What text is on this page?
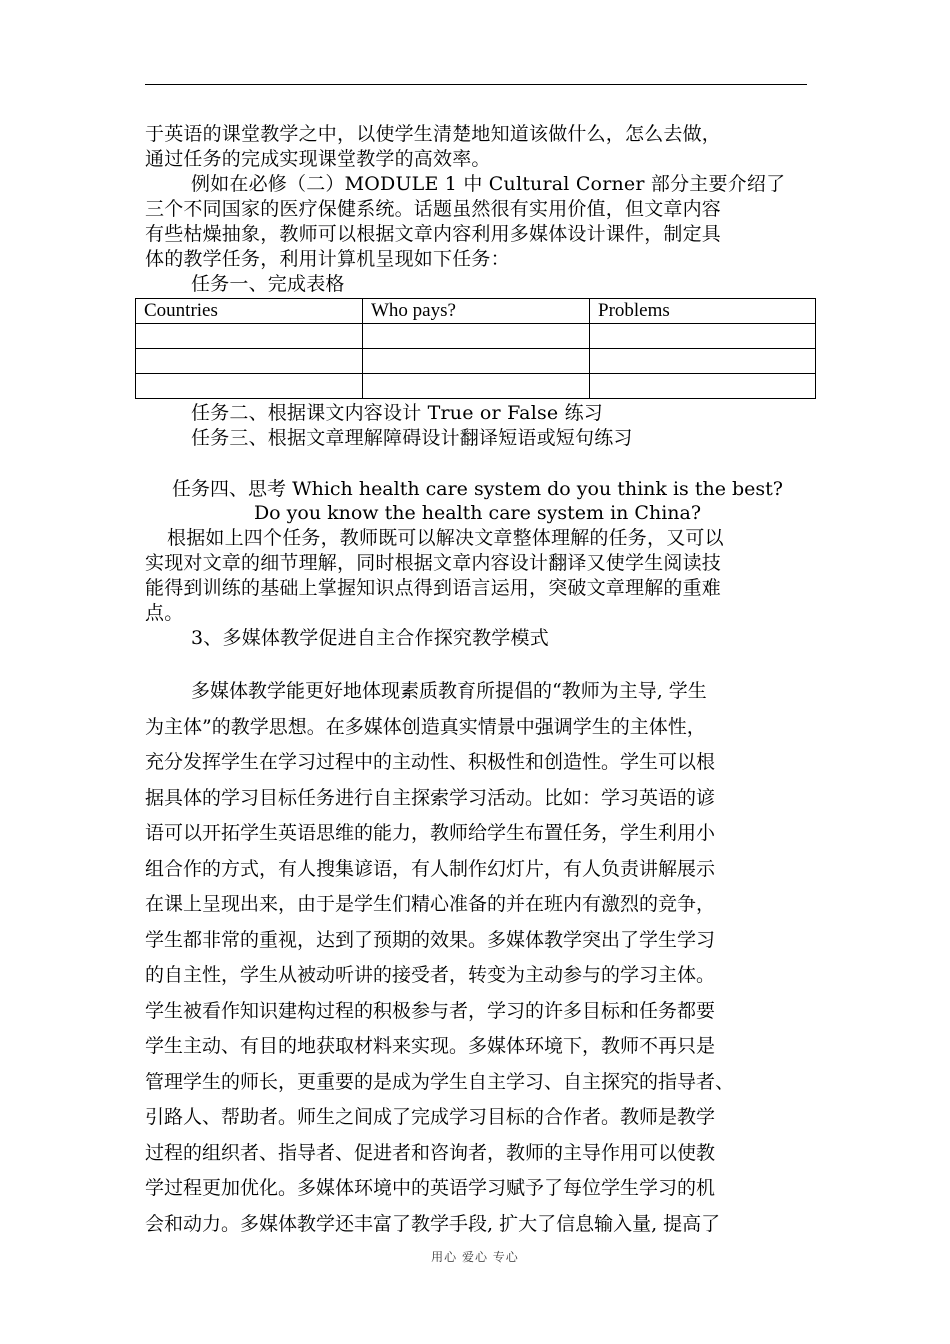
于英语的课堂教学之中，以使学生清楚地知道该做什么，怎么去做，
通过任务的完成实现课堂教学的高效率。
例如在必修（二）MODULE 1 中 Cultural Corner 部分主要介绍了
三个不同国家的医疗保健系统。话题虽然很有实用价值，但文章内容
有些枯燥抽象，教师可以根据文章内容利用多媒体设计课件，制定具
体的教学任务，利用计算机呈现如下任务：
任务一、完成表格
Countries	Who pays?	Problems

任务二、根据课文内容设计 True or False 练习
任务三、根据文章理解障碍设计翻译短语或短句练习
任务四、思考 Which health care system do you think is the best?
Do you know the health care system in China?
根据如上四个任务，教师既可以解决文章整体理解的任务，又可以
实现对文章的细节理解，同时根据文章内容设计翻译又使学生阅读技
能得到训练的基础上掌握知识点得到语言运用，突破文章理解的重难
点。
3、多媒体教学促进自主合作探究教学模式
多媒体教学能更好地体现素质教育所提倡的“教师为主导, 学生
为主体”的教学思想。在多媒体创造真实情景中强调学生的主体性，
充分发挥学生在学习过程中的主动性、积极性和创造性。学生可以根
据具体的学习目标任务进行自主探索学习活动。比如：学习英语的谚
语可以开拓学生英语思维的能力，教师给学生布置任务，学生利用小
组合作的方式，有人搜集谚语，有人制作幻灯片，有人负责讲解展示
在课上呈现出来，由于是学生们精心准备的并在班内有激烈的竞争，
学生都非常的重视，达到了预期的效果。多媒体教学突出了学生学习
的自主性，学生从被动听讲的接受者，转变为主动参与的学习主体。
学生被看作知识建构过程的积极参与者，学习的许多目标和任务都要
学生主动、有目的地获取材料来实现。多媒体环境下，教师不再只是
管理学生的师长，更重要的是成为学生自主学习、自主探究的指导者、
引路人、帮助者。师生之间成了完成学习目标的合作者。教师是教学
过程的组织者、指导者、促进者和咨询者，教师的主导作用可以使教
学过程更加优化。多媒体环境中的英语学习赋予了每位学生学习的机
会和动力。多媒体教学还丰富了教学手段, 扩大了信息输入量, 提高了
用心 爱心 专心
